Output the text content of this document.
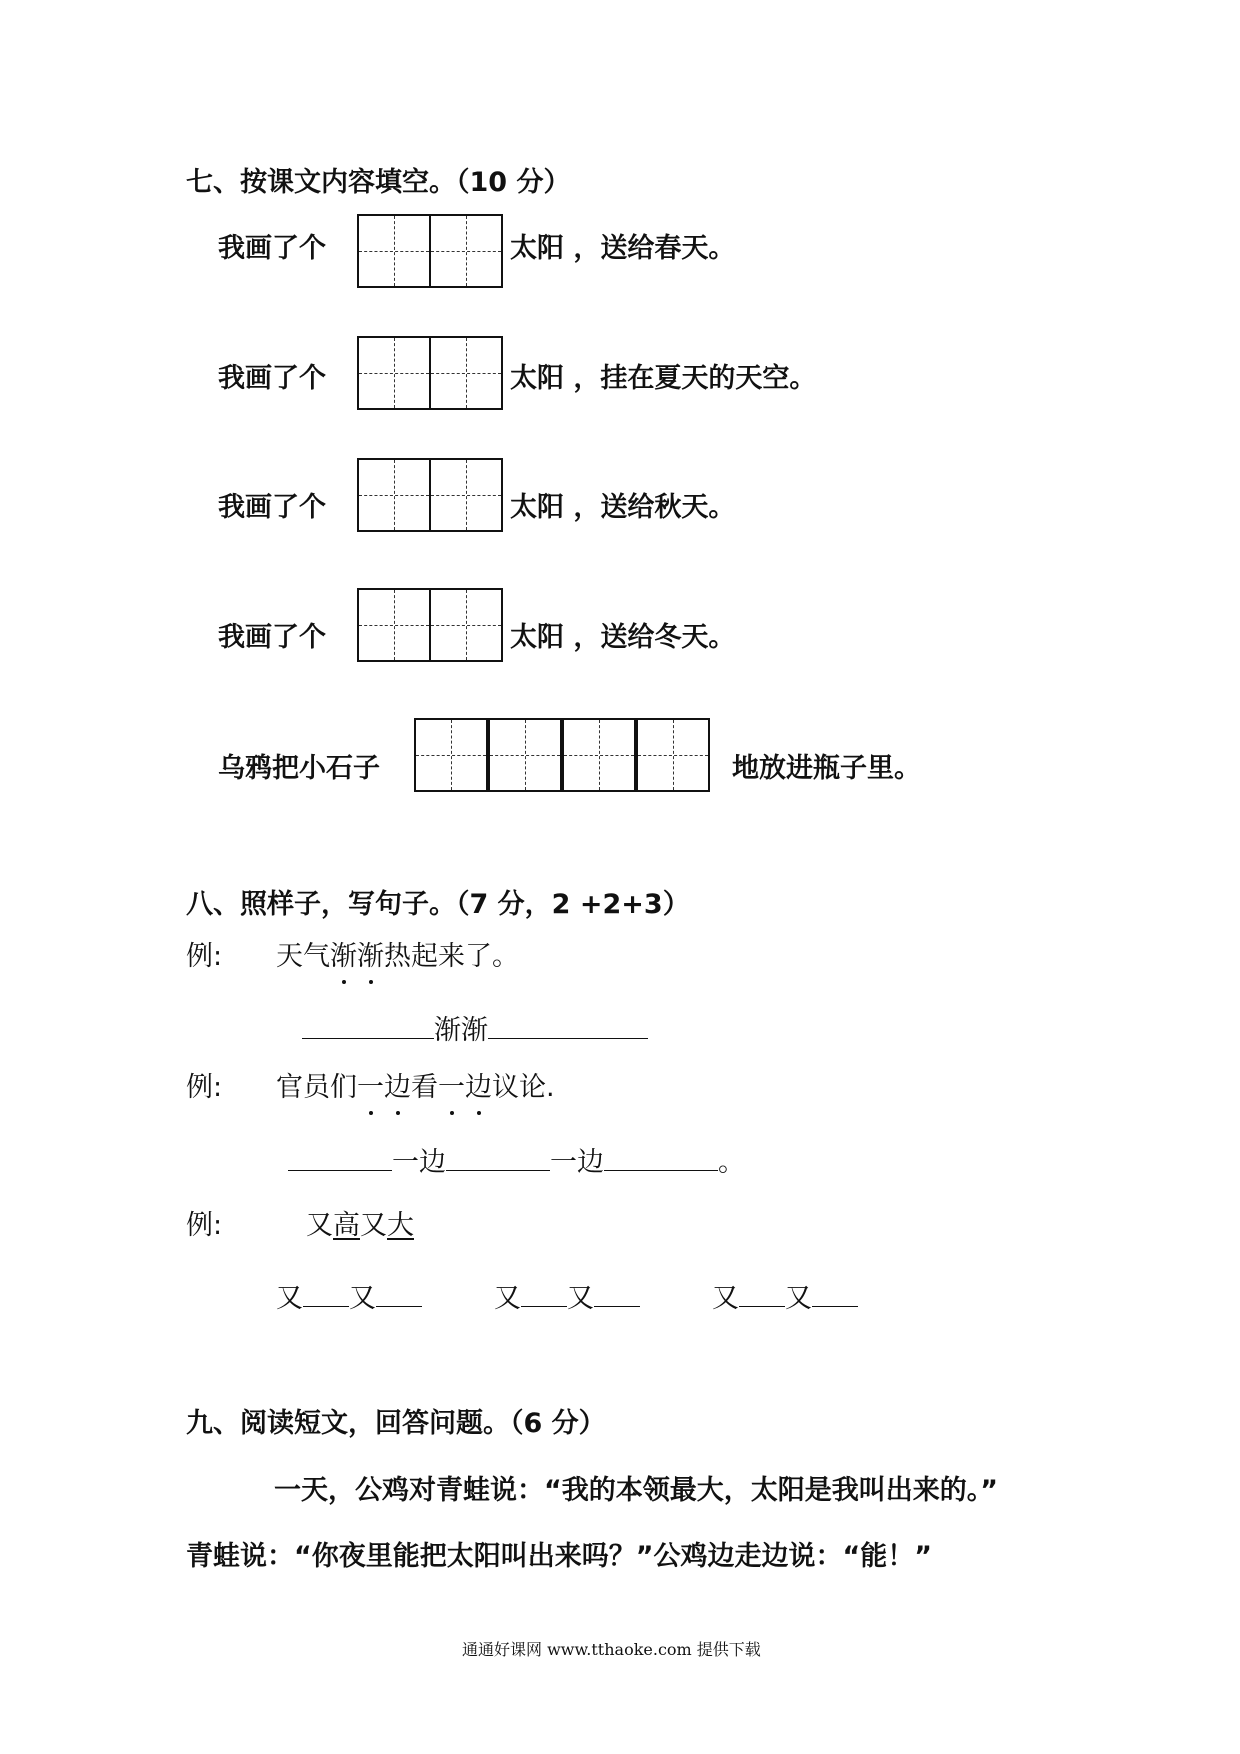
七、按课文内容填空。（10 分）
我画了个	太阳 ，送给春天。
我画了个	太阳 ，挂在夏天的天空。
我画了个	太阳 ，送给秋天。
我画了个	太阳 ，送给冬天。
乌鸦把小石子	地放进瓶子里。
八、照样子，写句子。（7 分，2 +2+3）
例: 天气渐渐
热起来了。
渐渐
例: 官员们一边
看一边
议论.
一边	一边	。
例:	又高又大
又 又	又 又	又 又
九、阅读短文，回答问题。（6 分）
一天，公鸡对青蛙说：“我的本领最大，太阳是我叫出来的。”
青蛙说：“你夜里能把太阳叫出来吗？”公鸡边走边说：“能！”
通通好课网 www.tthaoke.com 提供下载
